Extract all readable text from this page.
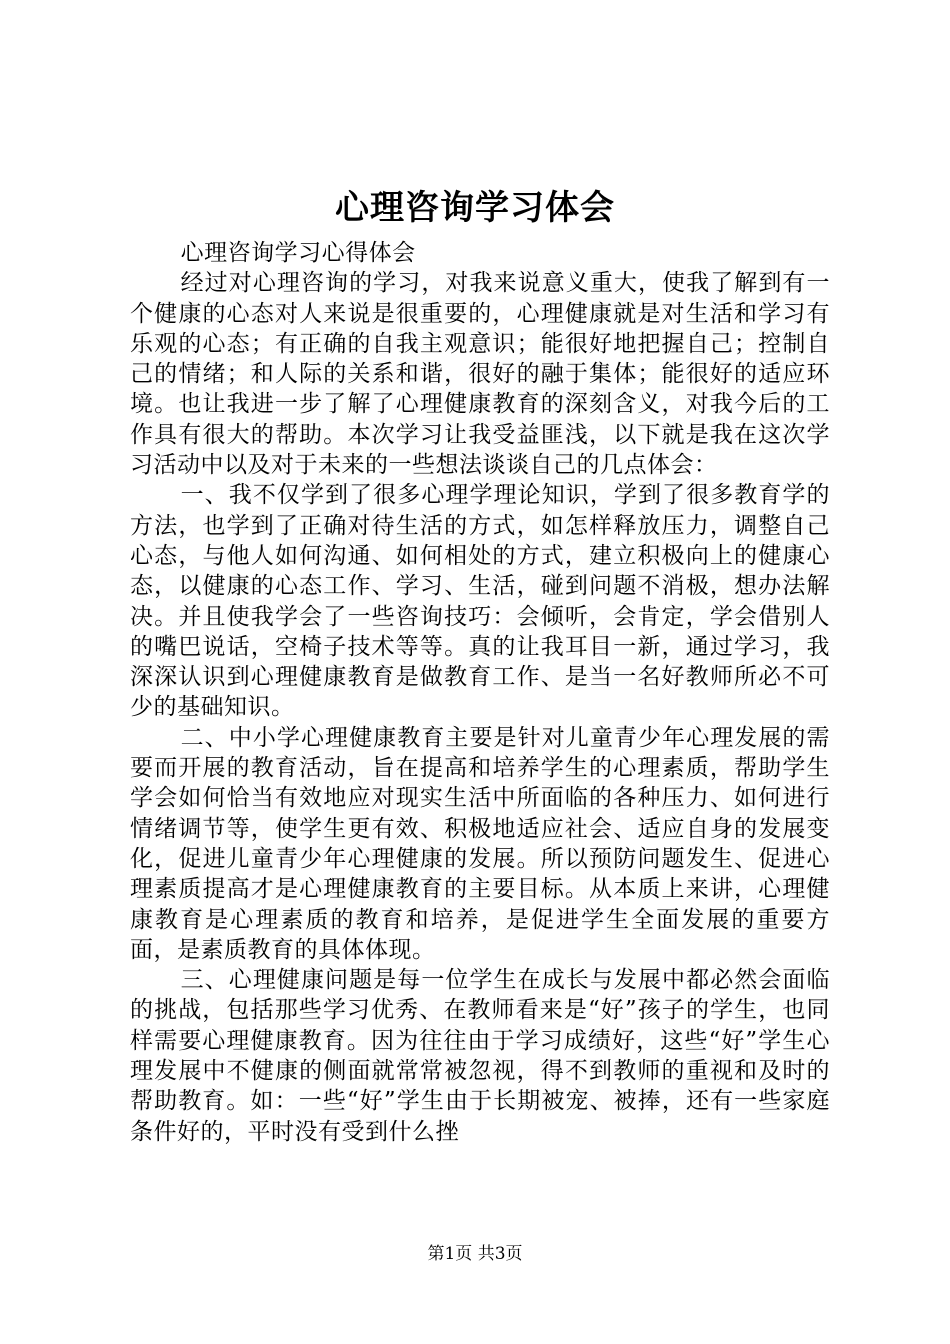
心理咨询学习体会

心理咨询学习心得体会

经过对心理咨询的学习，对我来说意义重大，使我了解到有一个健康的心态对人来说是很重要的，心理健康就是对生活和学习有乐观的心态；有正确的自我主观意识；能很好地把握自己；控制自己的情绪；和人际的关系和谐，很好的融于集体；能很好的适应环境。也让我进一步了解了心理健康教育的深刻含义，对我今后的工作具有很大的帮助。本次学习让我受益匪浅，以下就是我在这次学习活动中以及对于未来的一些想法谈谈自己的几点体会：

一、我不仅学到了很多心理学理论知识，学到了很多教育学的方法，也学到了正确对待生活的方式，如怎样释放压力，调整自己心态，与他人如何沟通、如何相处的方式，建立积极向上的健康心态，以健康的心态工作、学习、生活，碰到问题不消极，想办法解决。并且使我学会了一些咨询技巧：会倾听，会肯定，学会借别人的嘴巴说话，空椅子技术等等。真的让我耳目一新，通过学习，我深深认识到心理健康教育是做教育工作、是当一名好教师所必不可少的基础知识。

二、中小学心理健康教育主要是针对儿童青少年心理发展的需要而开展的教育活动，旨在提高和培养学生的心理素质，帮助学生学会如何恰当有效地应对现实生活中所面临的各种压力、如何进行情绪调节等，使学生更有效、积极地适应社会、适应自身的发展变化，促进儿童青少年心理健康的发展。所以预防问题发生、促进心理素质提高才是心理健康教育的主要目标。从本质上来讲，心理健康教育是心理素质的教育和培养，是促进学生全面发展的重要方面，是素质教育的具体体现。

三、心理健康问题是每一位学生在成长与发展中都必然会面临的挑战，包括那些学习优秀、在教师看来是“好”孩子的学生，也同样需要心理健康教育。因为往往由于学习成绩好，这些“好”学生心理发展中不健康的侧面就常常被忽视，得不到教师的重视和及时的帮助教育。如：一些“好”学生由于长期被宠、被捧，还有一些家庭条件好的，平时没有受到什么挫

第1页 共3页
